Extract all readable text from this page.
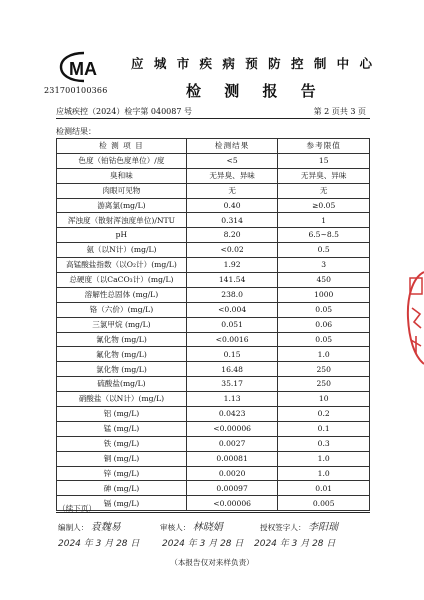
MA
231700100366
应 城 市 疾 病 预 防 控 制 中 心
检 测 报 告
应城疾控（2024）检字第 040087 号	第 2 页共 3 页
检测结果：
检 测 项 目	检测结果	参考限值
色度（铂钴色度单位）/度	<5	15
臭和味	无异臭、异味	无异臭、异味
肉眼可见物	无	无
游离氯(mg/L)	0.40	≥0.05
浑浊度（散射浑浊度单位)/NTU	0.314	1
pH	8.20	6.5~8.5
氨（以N计）(mg/L)	<0.02	0.5
高锰酸盐指数（以O₂计）(mg/L)	1.92	3
总硬度（以CaCO₃计）(mg/L)	141.54	450
溶解性总固体 (mg/L)	238.0	1000
铬（六价）(mg/L)	<0.004	0.05
三氯甲烷 (mg/L)	0.051	0.06
氰化物 (mg/L)	<0.0016	0.05
氟化物 (mg/L)	0.15	1.0
氯化物 (mg/L)	16.48	250
硫酸盐(mg/L)	35.17	250
硝酸盐（以N计）(mg/L)	1.13	10
铝 (mg/L)	0.0423	0.2
锰 (mg/L)	<0.00006	0.1
铁 (mg/L)	0.0027	0.3
铜 (mg/L)	0.00081	1.0
锌 (mg/L)	0.0020	1.0
砷 (mg/L)	0.00097	0.01
镉 (mg/L)	<0.00006	0.005
（续下页）
编制人： 袁魏易	审核人： 林晓娟	授权签字人： 李阳瑞
2024 年 3 月 28 日	2024 年 3 月 28 日 2024 年 3 月 28 日
（本报告仅对来样负责）
